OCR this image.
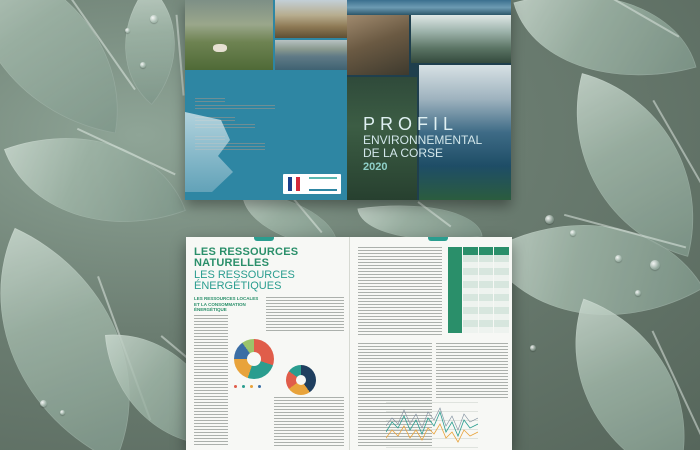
PROFIL
ENVIRONNEMENTAL
DE LA CORSE
2020
LES RESSOURCES
NATURELLES
LES RESSOURCES
ÉNERGÉTIQUES
LES RESSOURCES LOCALES
ET LA CONSOMMATION
ÉNERGÉTIQUE
